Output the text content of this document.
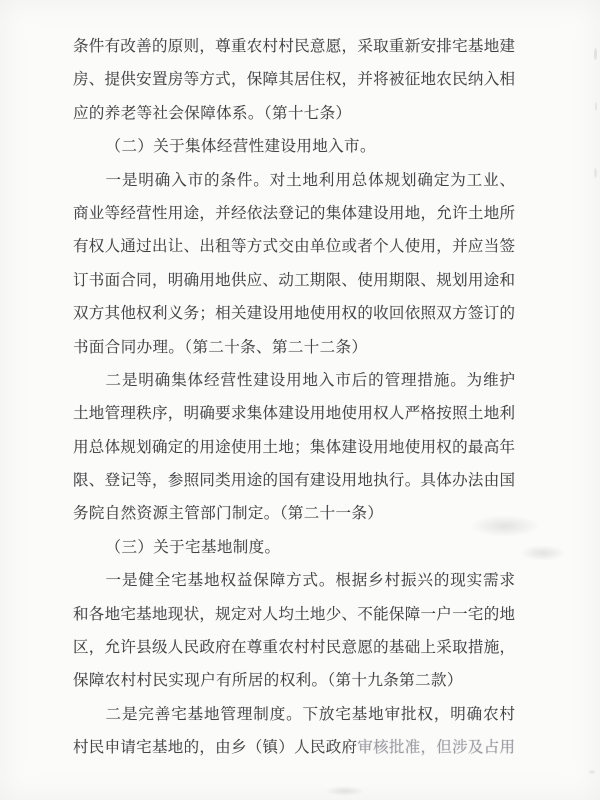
条件有改善的原则，尊重农村村民意愿，采取重新安排宅基地建
房、提供安置房等方式，保障其居住权，并将被征地农民纳入相
应的养老等社会保障体系。（第十七条）
（二）关于集体经营性建设用地入市。
一是明确入市的条件。对土地利用总体规划确定为工业、
商业等经营性用途，并经依法登记的集体建设用地，允许土地所
有权人通过出让、出租等方式交由单位或者个人使用，并应当签
订书面合同，明确用地供应、动工期限、使用期限、规划用途和
双方其他权利义务；相关建设用地使用权的收回依照双方签订的
书面合同办理。（第二十条、第二十二条）
二是明确集体经营性建设用地入市后的管理措施。为维护
土地管理秩序，明确要求集体建设用地使用权人严格按照土地利
用总体规划确定的用途使用土地；集体建设用地使用权的最高年
限、登记等，参照同类用途的国有建设用地执行。具体办法由国
务院自然资源主管部门制定。（第二十一条）
（三）关于宅基地制度。
一是健全宅基地权益保障方式。根据乡村振兴的现实需求
和各地宅基地现状，规定对人均土地少、不能保障一户一宅的地
区，允许县级人民政府在尊重农村村民意愿的基础上采取措施，
保障农村村民实现户有所居的权利。（第十九条第二款）
二是完善宅基地管理制度。下放宅基地审批权，明确农村
村民申请宅基地的，由乡（镇）人民政府审核批准，但涉及占用
